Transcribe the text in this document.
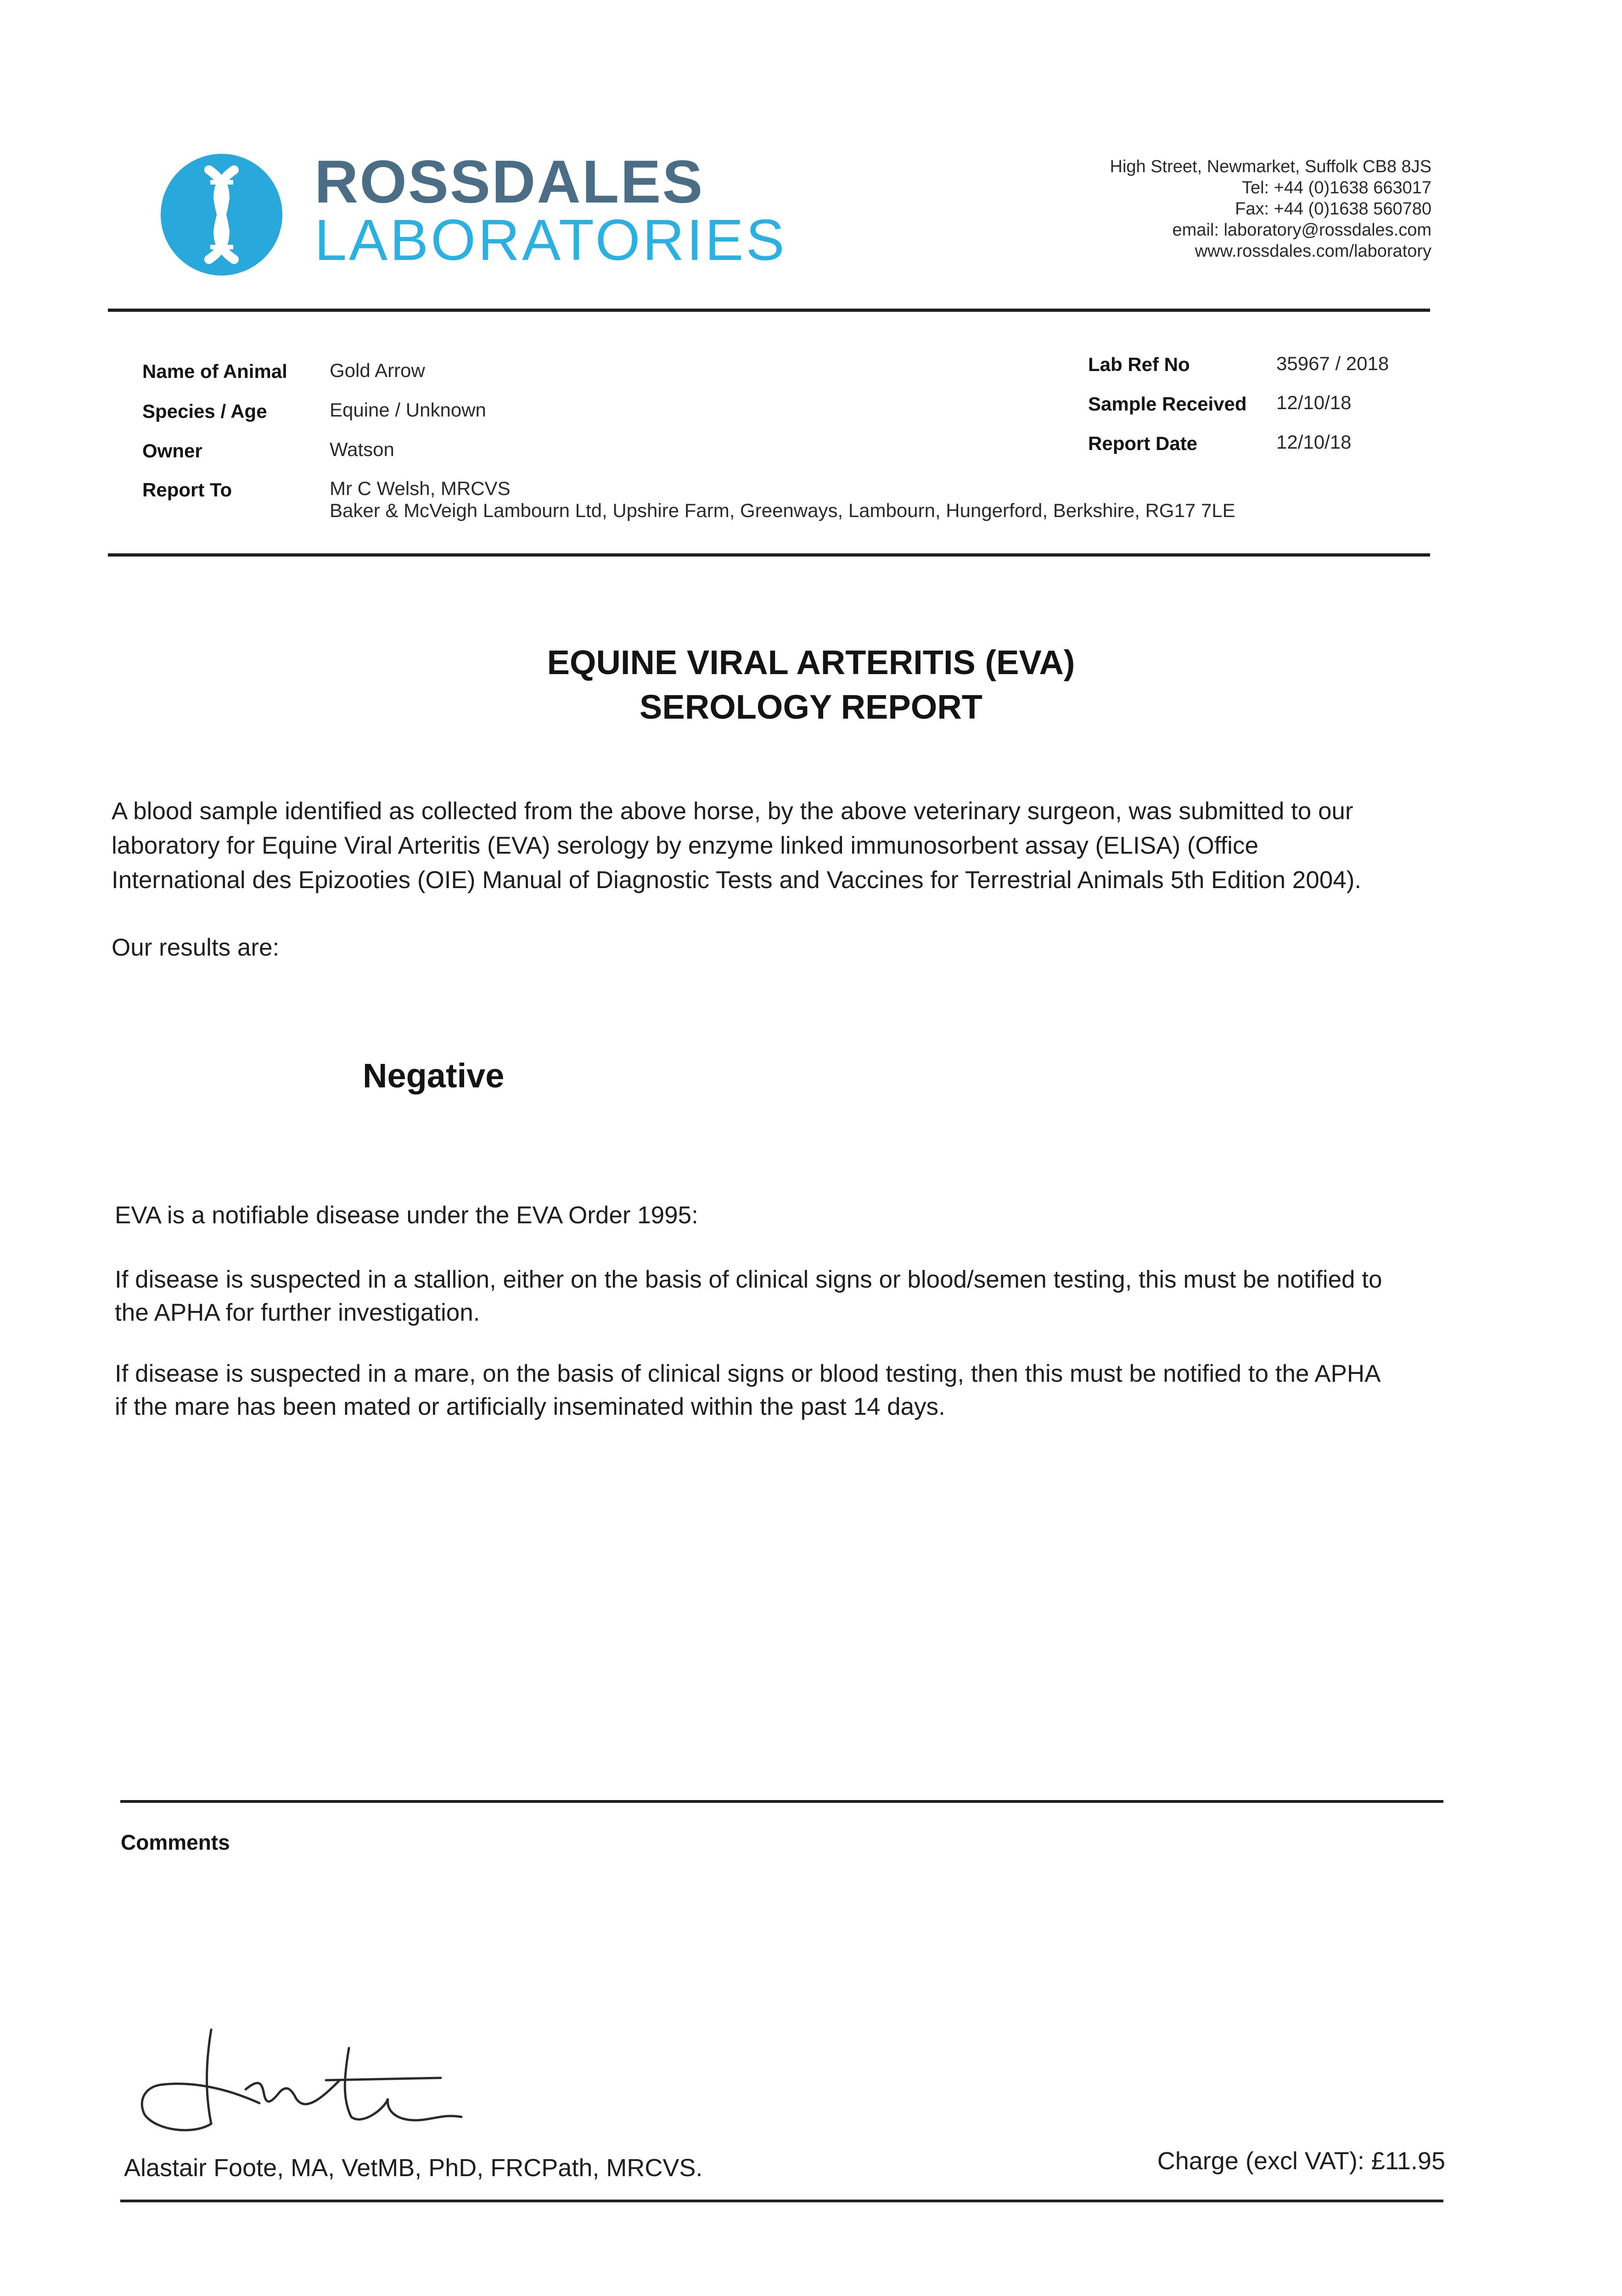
ROSSDALES
LABORATORIES
High Street, Newmarket, Suffolk CB8 8JS
Tel: +44 (0)1638 663017
Fax: +44 (0)1638 560780
email: laboratory@rossdales.com
www.rossdales.com/laboratory
Name of Animal Gold Arrow
Species / Age	Equine / Unknown
Owner	Watson
Report To	Mr C Welsh, MRCVS
Baker & McVeigh Lambourn Ltd, Upshire Farm, Greenways, Lambourn, Hungerford, Berkshire, RG17 7LE
Lab Ref No	35967 / 2018
Sample Received 12/10/18
Report Date	12/10/18
EQUINE VIRAL ARTERITIS (EVA)
SEROLOGY REPORT
A blood sample identified as collected from the above horse, by the above veterinary surgeon, was submitted to our
laboratory for Equine Viral Arteritis (EVA) serology by enzyme linked immunosorbent assay (ELISA) (Office
International des Epizooties (OIE) Manual of Diagnostic Tests and Vaccines for Terrestrial Animals 5th Edition 2004).
Our results are:
Negative
EVA is a notifiable disease under the EVA Order 1995:
If disease is suspected in a stallion, either on the basis of clinical signs or blood/semen testing, this must be notified to
the APHA for further investigation.
If disease is suspected in a mare, on the basis of clinical signs or blood testing, then this must be notified to the APHA
if the mare has been mated or artificially inseminated within the past 14 days.
Comments
Alastair Foote, MA, VetMB, PhD, FRCPath, MRCVS.	Charge (excl VAT): £11.95
